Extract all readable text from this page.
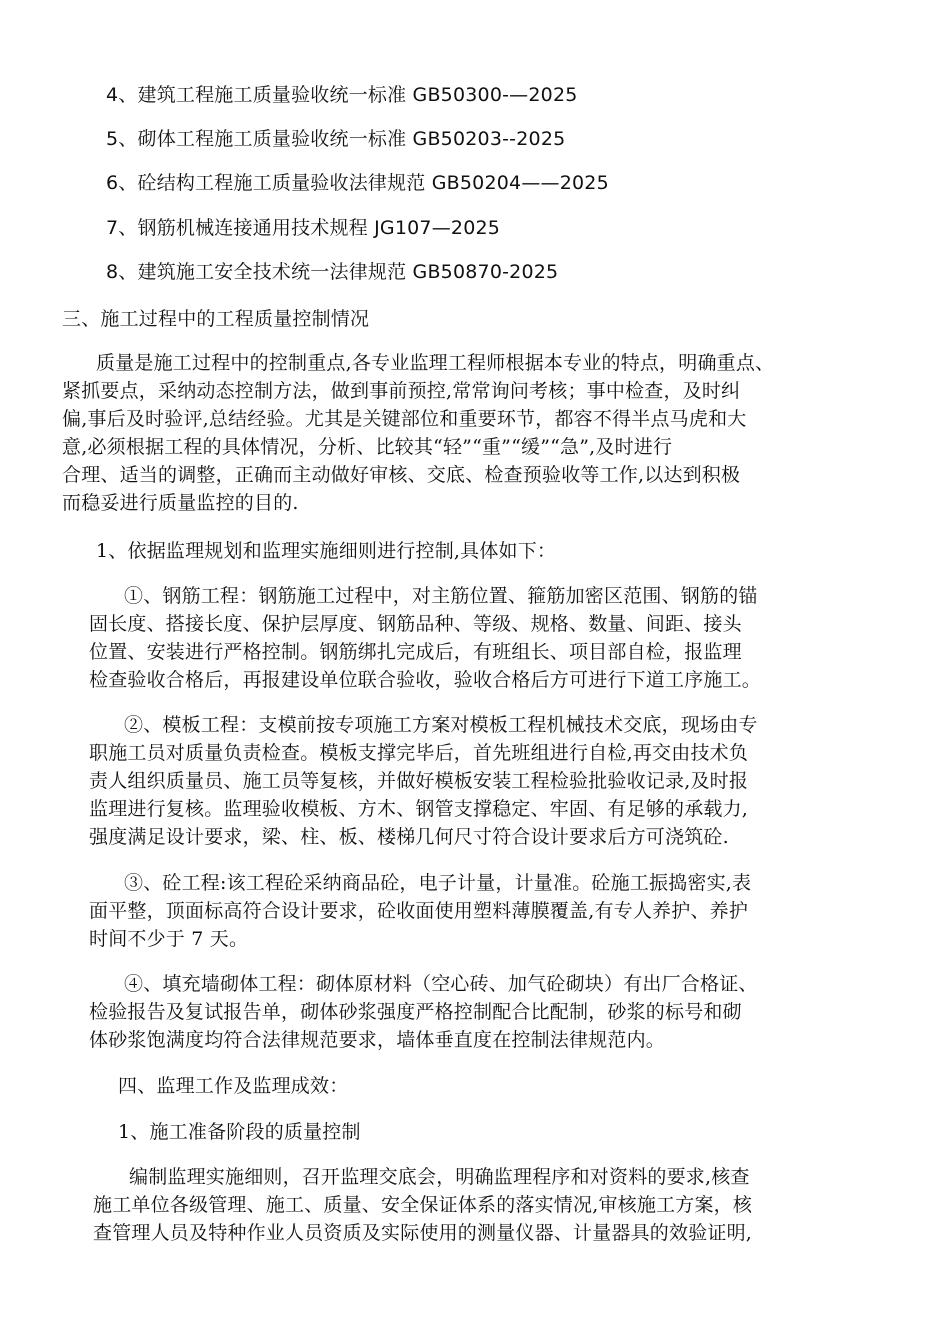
4、建筑工程施工质量验收统一标准 GB50300-—2025
5、砌体工程施工质量验收统一标准 GB50203--2025
6、砼结构工程施工质量验收法律规范 GB50204——2025
7、钢筋机械连接通用技术规程 JG107—2025
8、建筑施工安全技术统一法律规范 GB50870-2025
三、施工过程中的工程质量控制情况
质量是施工过程中的控制重点,各专业监理工程师根据本专业的特点，明确重点、
紧抓要点，采纳动态控制方法，做到事前预控,常常询问考核；事中检查，及时纠
偏,事后及时验评,总结经验。尤其是关键部位和重要环节，都容不得半点马虎和大
意,必须根据工程的具体情况，分析、比较其“轻”“重”“缓”“急”,及时进行
合理、适当的调整，正确而主动做好审核、交底、检查预验收等工作,以达到积极
而稳妥进行质量监控的目的.
1、依据监理规划和监理实施细则进行控制,具体如下：
①、钢筋工程：钢筋施工过程中，对主筋位置、箍筋加密区范围、钢筋的锚
固长度、搭接长度、保护层厚度、钢筋品种、等级、规格、数量、间距、接头
位置、安装进行严格控制。钢筋绑扎完成后，有班组长、项目部自检，报监理
检查验收合格后，再报建设单位联合验收，验收合格后方可进行下道工序施工。
②、模板工程：支模前按专项施工方案对模板工程机械技术交底，现场由专
职施工员对质量负责检查。模板支撑完毕后，首先班组进行自检,再交由技术负
责人组织质量员、施工员等复核，并做好模板安装工程检验批验收记录,及时报
监理进行复核。监理验收模板、方木、钢管支撑稳定、牢固、有足够的承载力,
强度满足设计要求，梁、柱、板、楼梯几何尺寸符合设计要求后方可浇筑砼.
③、砼工程:该工程砼采纳商品砼，电子计量，计量准。砼施工振捣密实,表
面平整，顶面标高符合设计要求，砼收面使用塑料薄膜覆盖,有专人养护、养护
时间不少于 7 天。
④、填充墙砌体工程：砌体原材料（空心砖、加气砼砌块）有出厂合格证、
检验报告及复试报告单，砌体砂浆强度严格控制配合比配制，砂浆的标号和砌
体砂浆饱满度均符合法律规范要求，墙体垂直度在控制法律规范内。
四、监理工作及监理成效：
1、施工准备阶段的质量控制
编制监理实施细则，召开监理交底会，明确监理程序和对资料的要求,核查
施工单位各级管理、施工、质量、安全保证体系的落实情况,审核施工方案，核
查管理人员及特种作业人员资质及实际使用的测量仪器、计量器具的效验证明,
